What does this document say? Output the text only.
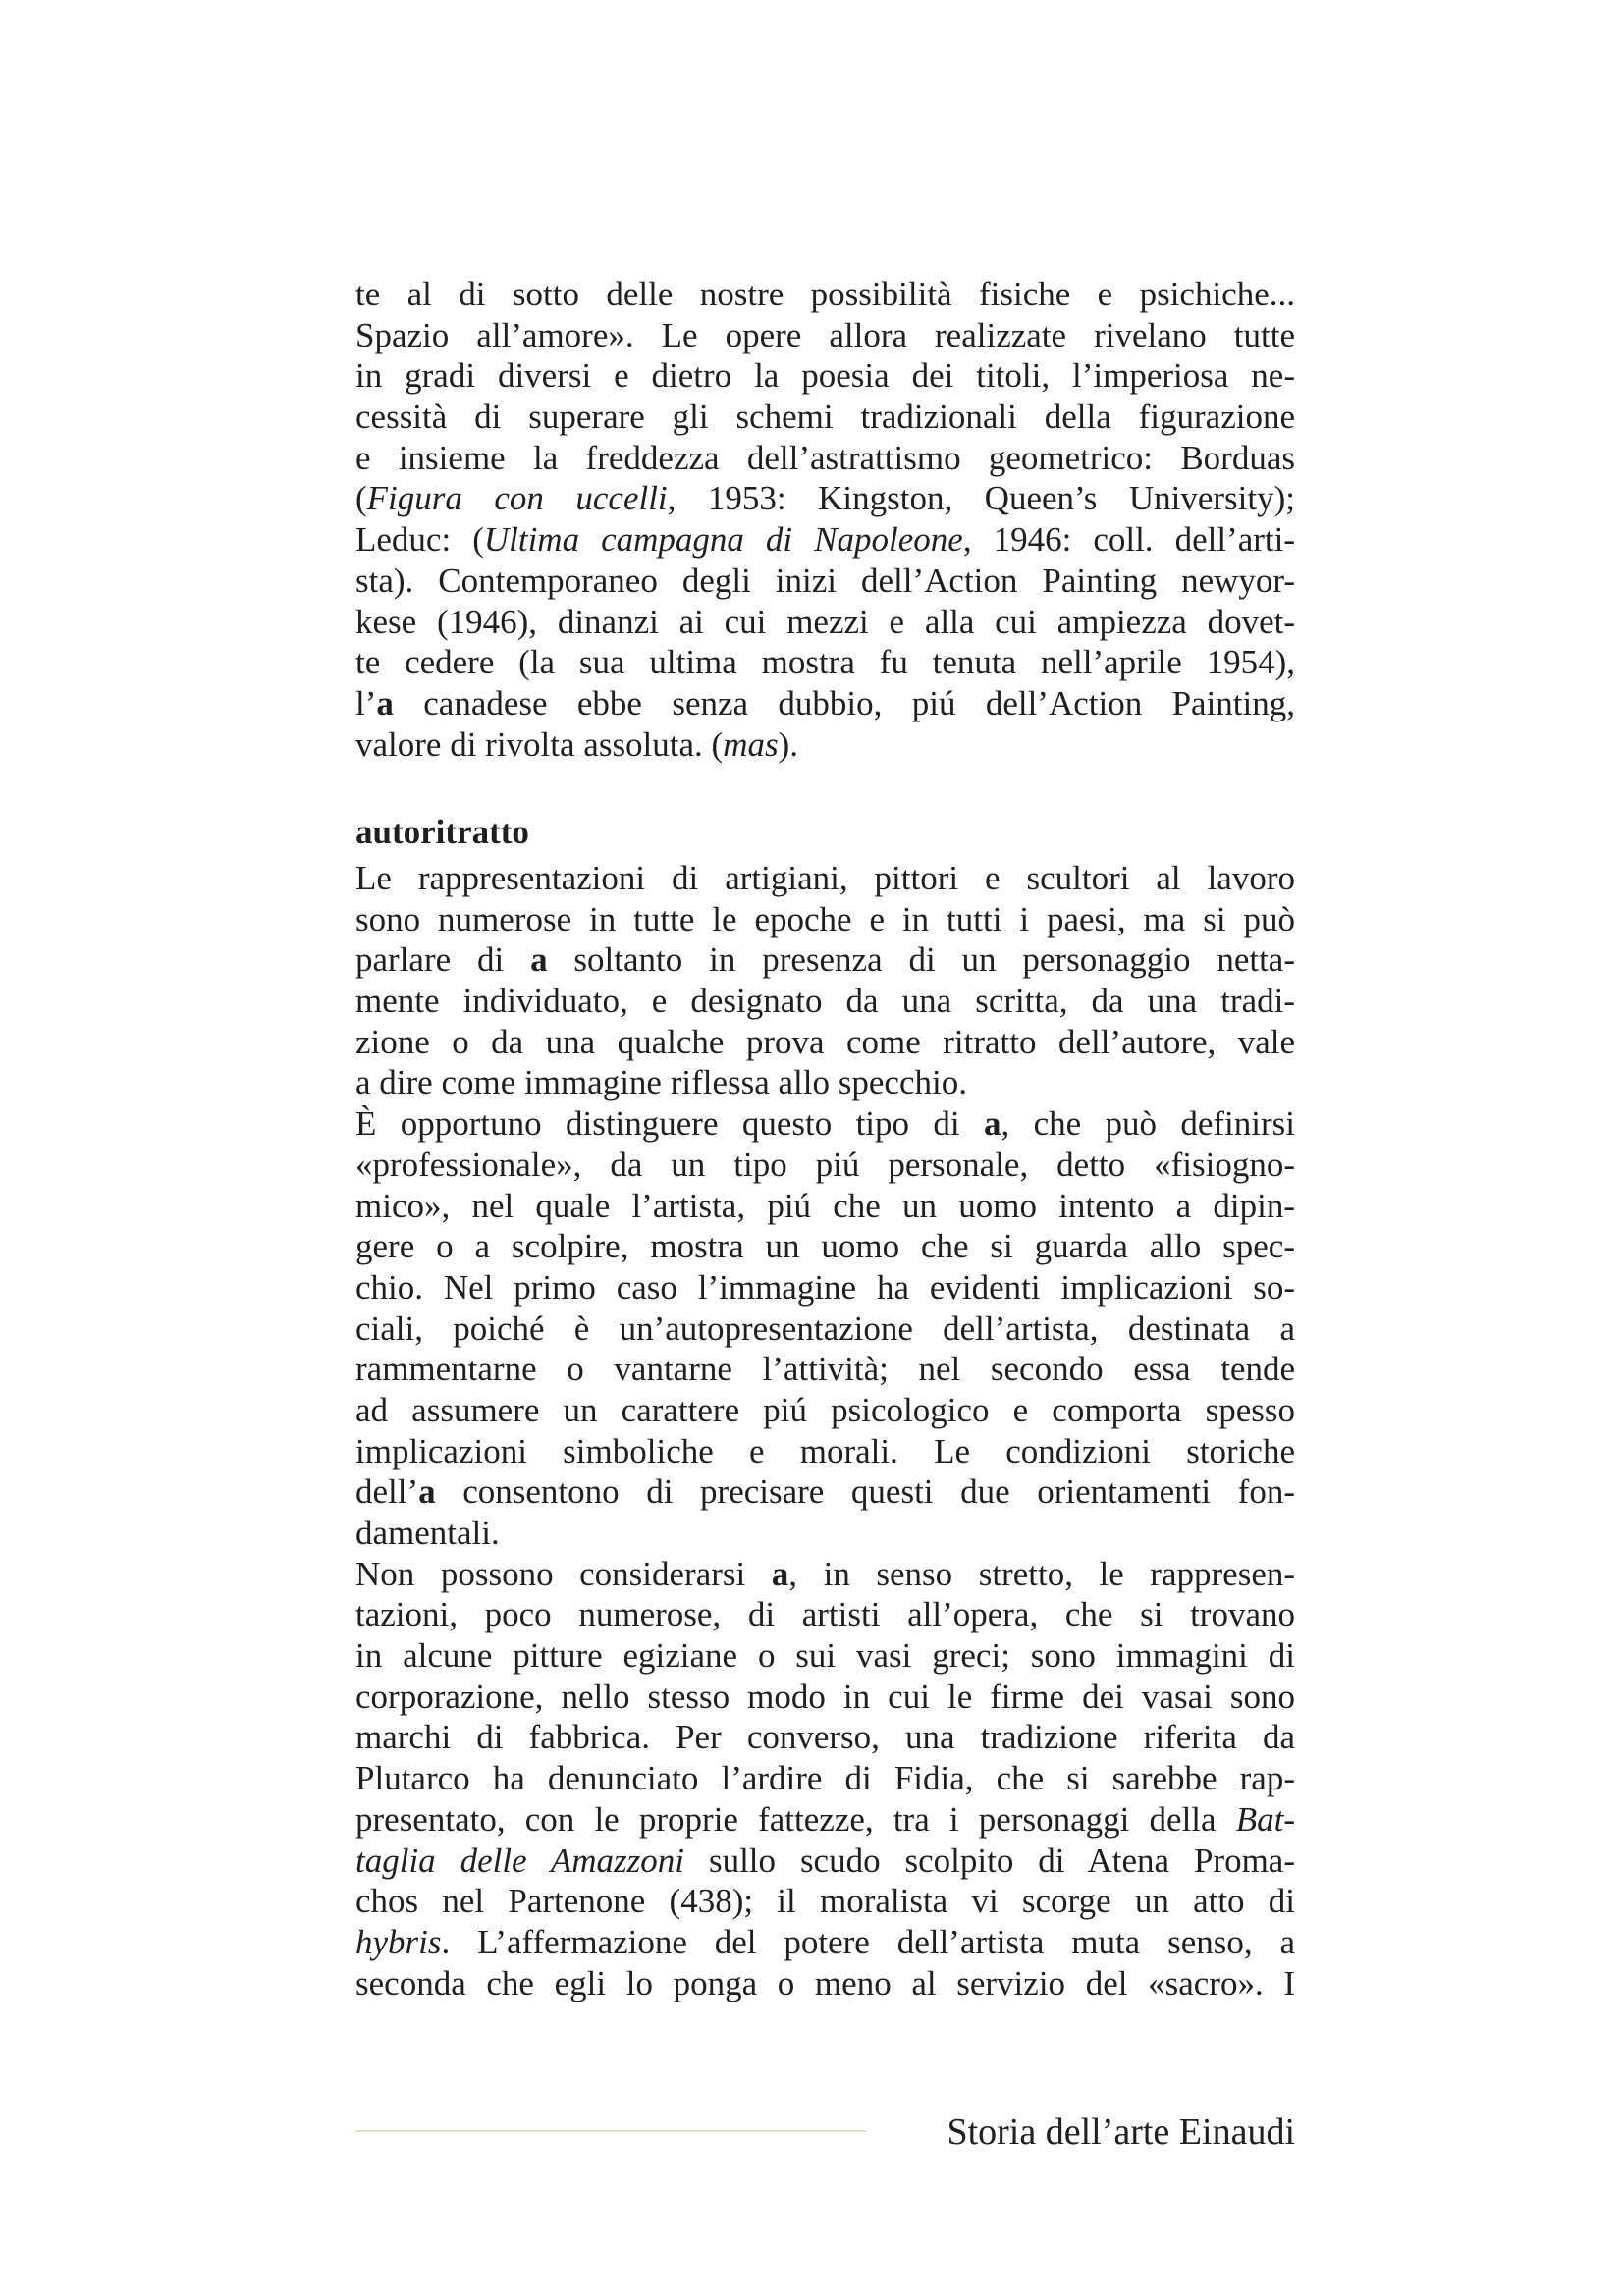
te al di sotto delle nostre possibilità fisiche e psichiche...
Spazio all’amore». Le opere allora realizzate rivelano tutte
in gradi diversi e dietro la poesia dei titoli, l’imperiosa ne-
cessità di superare gli schemi tradizionali della figurazione
e insieme la freddezza dell’astrattismo geometrico: Borduas
(Figura con uccelli, 1953: Kingston, Queen’s University);
Leduc: (Ultima campagna di Napoleone, 1946: coll. dell’arti-
sta). Contemporaneo degli inizi dell’Action Painting newyor-
kese (1946), dinanzi ai cui mezzi e alla cui ampiezza dovet-
te cedere (la sua ultima mostra fu tenuta nell’aprile 1954),
l’a canadese ebbe senza dubbio, piú dell’Action Painting,
valore di rivolta assoluta. (mas).
autoritratto
Le rappresentazioni di artigiani, pittori e scultori al lavoro
sono numerose in tutte le epoche e in tutti i paesi, ma si può
parlare di a soltanto in presenza di un personaggio netta-
mente individuato, e designato da una scritta, da una tradi-
zione o da una qualche prova come ritratto dell’autore, vale
a dire come immagine riflessa allo specchio.
È opportuno distinguere questo tipo di a, che può definirsi
«professionale», da un tipo piú personale, detto «fisiogno-
mico», nel quale l’artista, piú che un uomo intento a dipin-
gere o a scolpire, mostra un uomo che si guarda allo spec-
chio. Nel primo caso l’immagine ha evidenti implicazioni so-
ciali, poiché è un’autopresentazione dell’artista, destinata a
rammentarne o vantarne l’attività; nel secondo essa tende
ad assumere un carattere piú psicologico e comporta spesso
implicazioni simboliche e morali. Le condizioni storiche
dell’a consentono di precisare questi due orientamenti fon-
damentali.
Non possono considerarsi a, in senso stretto, le rappresen-
tazioni, poco numerose, di artisti all’opera, che si trovano
in alcune pitture egiziane o sui vasi greci; sono immagini di
corporazione, nello stesso modo in cui le firme dei vasai sono
marchi di fabbrica. Per converso, una tradizione riferita da
Plutarco ha denunciato l’ardire di Fidia, che si sarebbe rap-
presentato, con le proprie fattezze, tra i personaggi della Bat-
taglia delle Amazzoni sullo scudo scolpito di Atena Proma-
chos nel Partenone (438); il moralista vi scorge un atto di
hybris. L’affermazione del potere dell’artista muta senso, a
seconda che egli lo ponga o meno al servizio del «sacro». I
Storia dell’arte Einaudi
